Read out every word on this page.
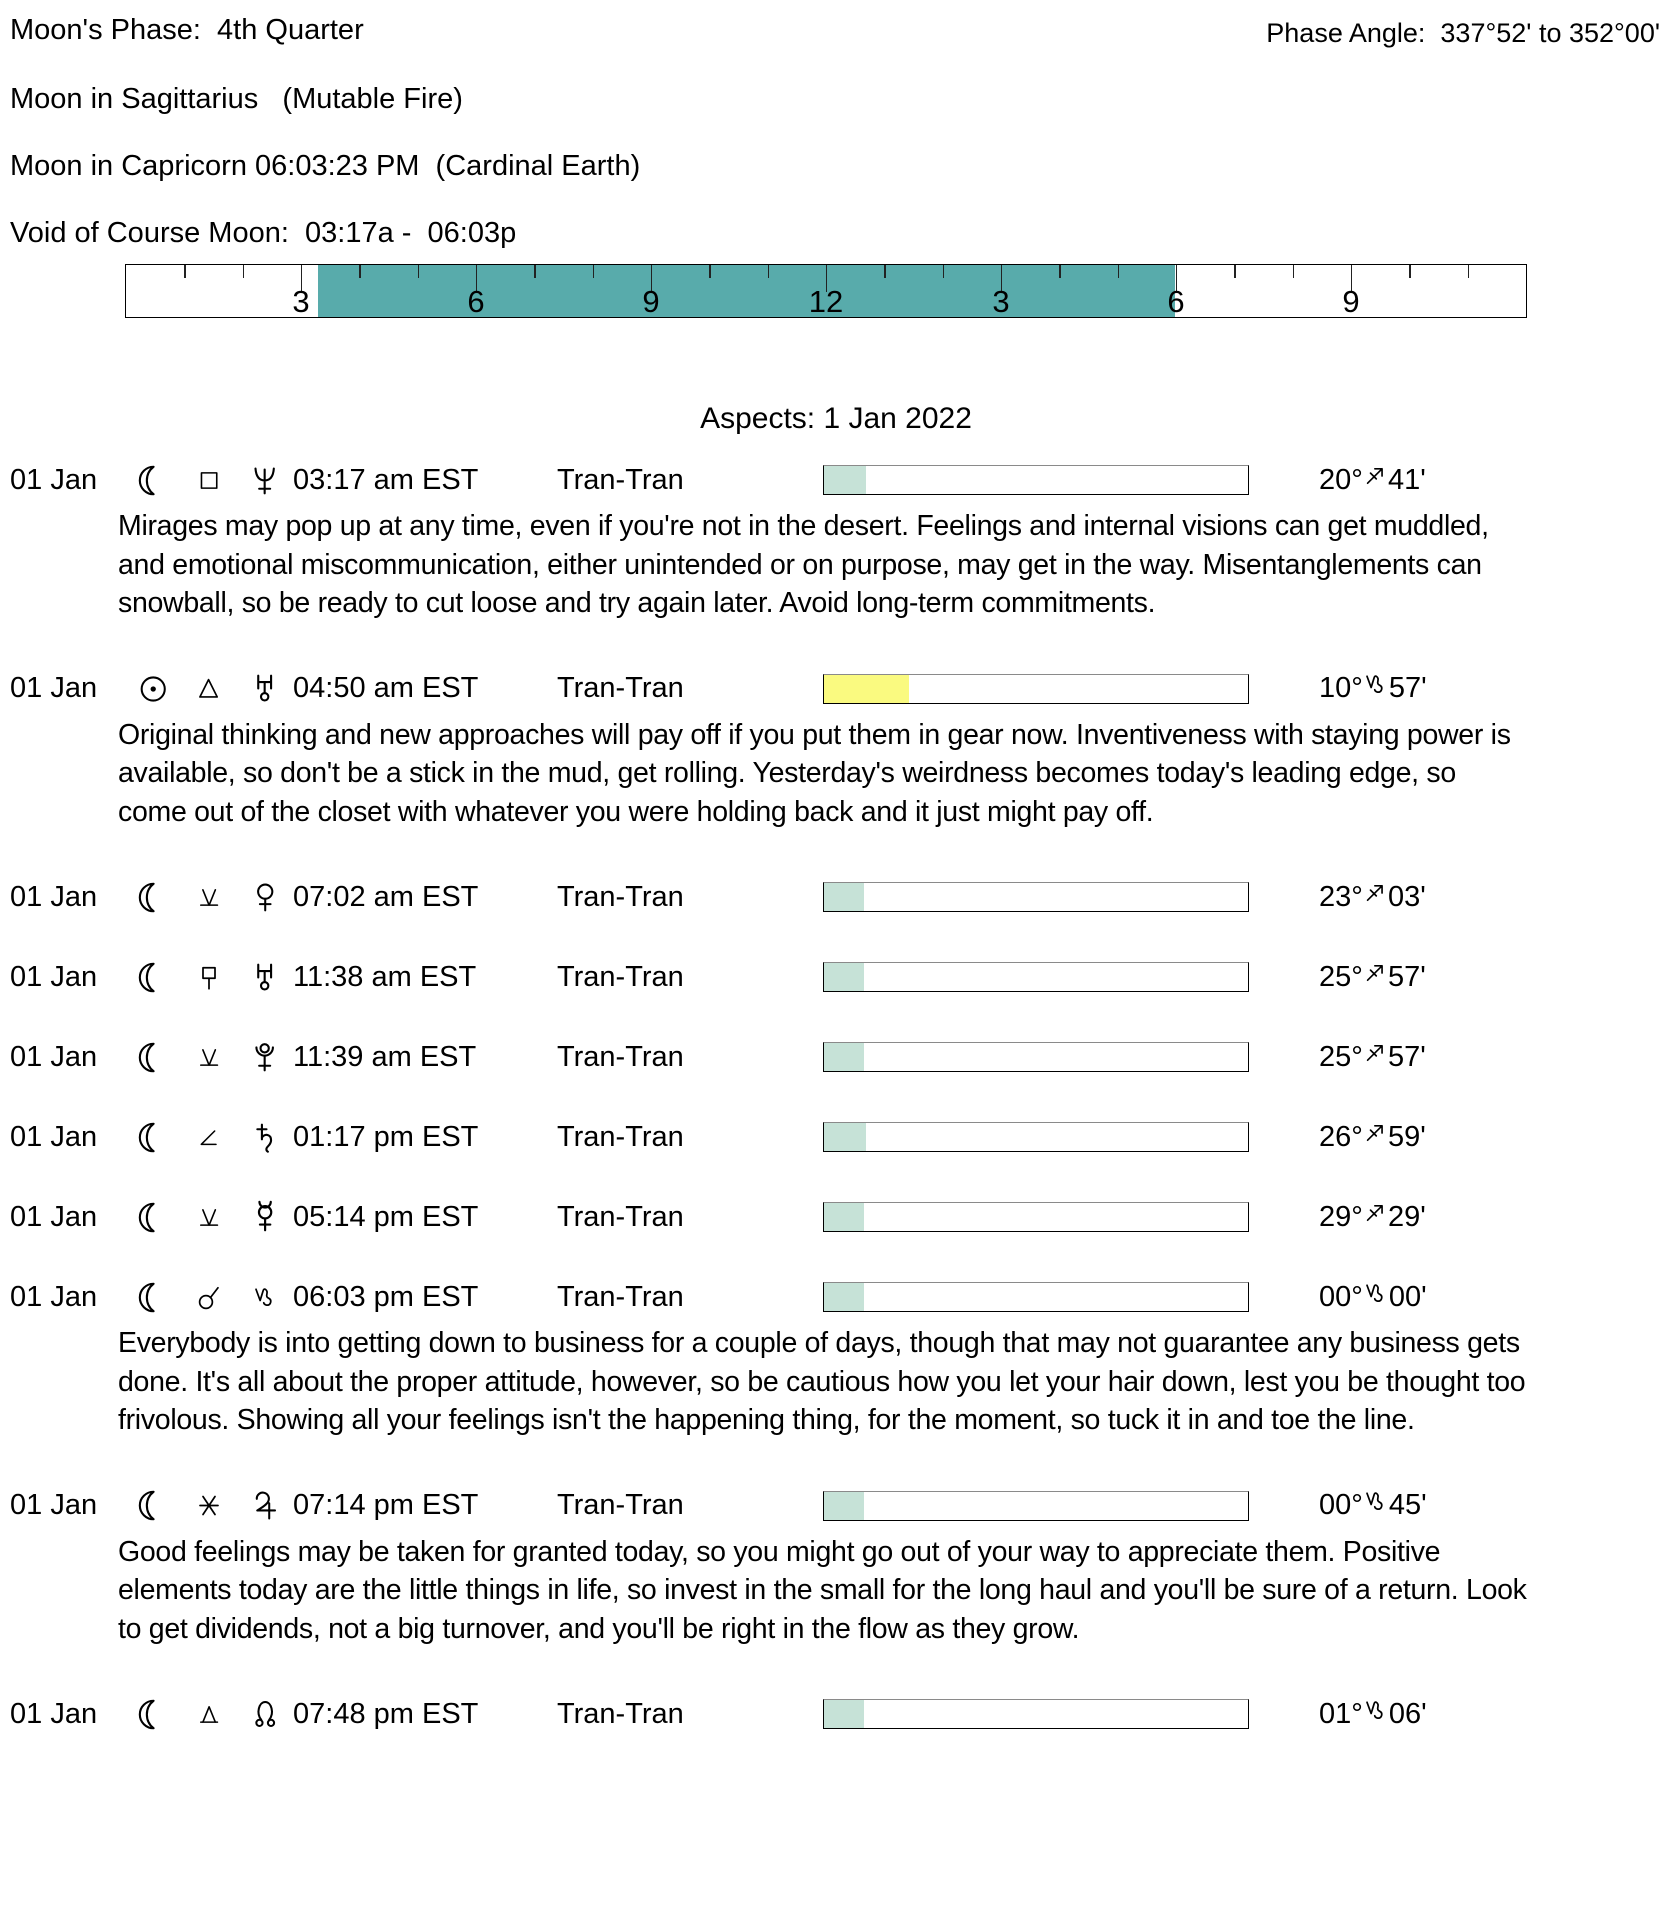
Moon's Phase:  4th Quarter	Phase Angle:  337°52' to 352°00'
Moon in Sagittarius   (Mutable Fire)
Moon in Capricorn 06:03:23 PM  (Cardinal Earth)
Void of Course Moon:  03:17a -  06:03p
3	6	9	12	3	6	9
Aspects: 1 Jan 2022
01 Jan	03:17 am EST	Tran-Tran	20° 41'
Mirages may pop up at any time, even if you're not in the desert. Feelings and internal visions can get muddled, and emotional miscommunication, either unintended or on purpose, may get in the way. Misentanglements can snowball, so be ready to cut loose and try again later. Avoid long-term commitments.
01 Jan	04:50 am EST	Tran-Tran	10° 57'
Original thinking and new approaches will pay off if you put them in gear now. Inventiveness with staying power is available, so don't be a stick in the mud, get rolling. Yesterday's weirdness becomes today's leading edge, so come out of the closet with whatever you were holding back and it just might pay off.
01 Jan	07:02 am EST	Tran-Tran	23° 03'
01 Jan	11:38 am EST	Tran-Tran	25° 57'
01 Jan	11:39 am EST	Tran-Tran	25° 57'
01 Jan	01:17 pm EST	Tran-Tran	26° 59'
01 Jan	05:14 pm EST	Tran-Tran	29° 29'
01 Jan	06:03 pm EST	Tran-Tran	00° 00'
Everybody is into getting down to business for a couple of days, though that may not guarantee any business gets done. It's all about the proper attitude, however, so be cautious how you let your hair down, lest you be thought too frivolous. Showing all your feelings isn't the happening thing, for the moment, so tuck it in and toe the line.
01 Jan	07:14 pm EST	Tran-Tran	00° 45'
Good feelings may be taken for granted today, so you might go out of your way to appreciate them. Positive elements today are the little things in life, so invest in the small for the long haul and you'll be sure of a return. Look to get dividends, not a big turnover, and you'll be right in the flow as they grow.
01 Jan	07:48 pm EST	Tran-Tran	01° 06'
